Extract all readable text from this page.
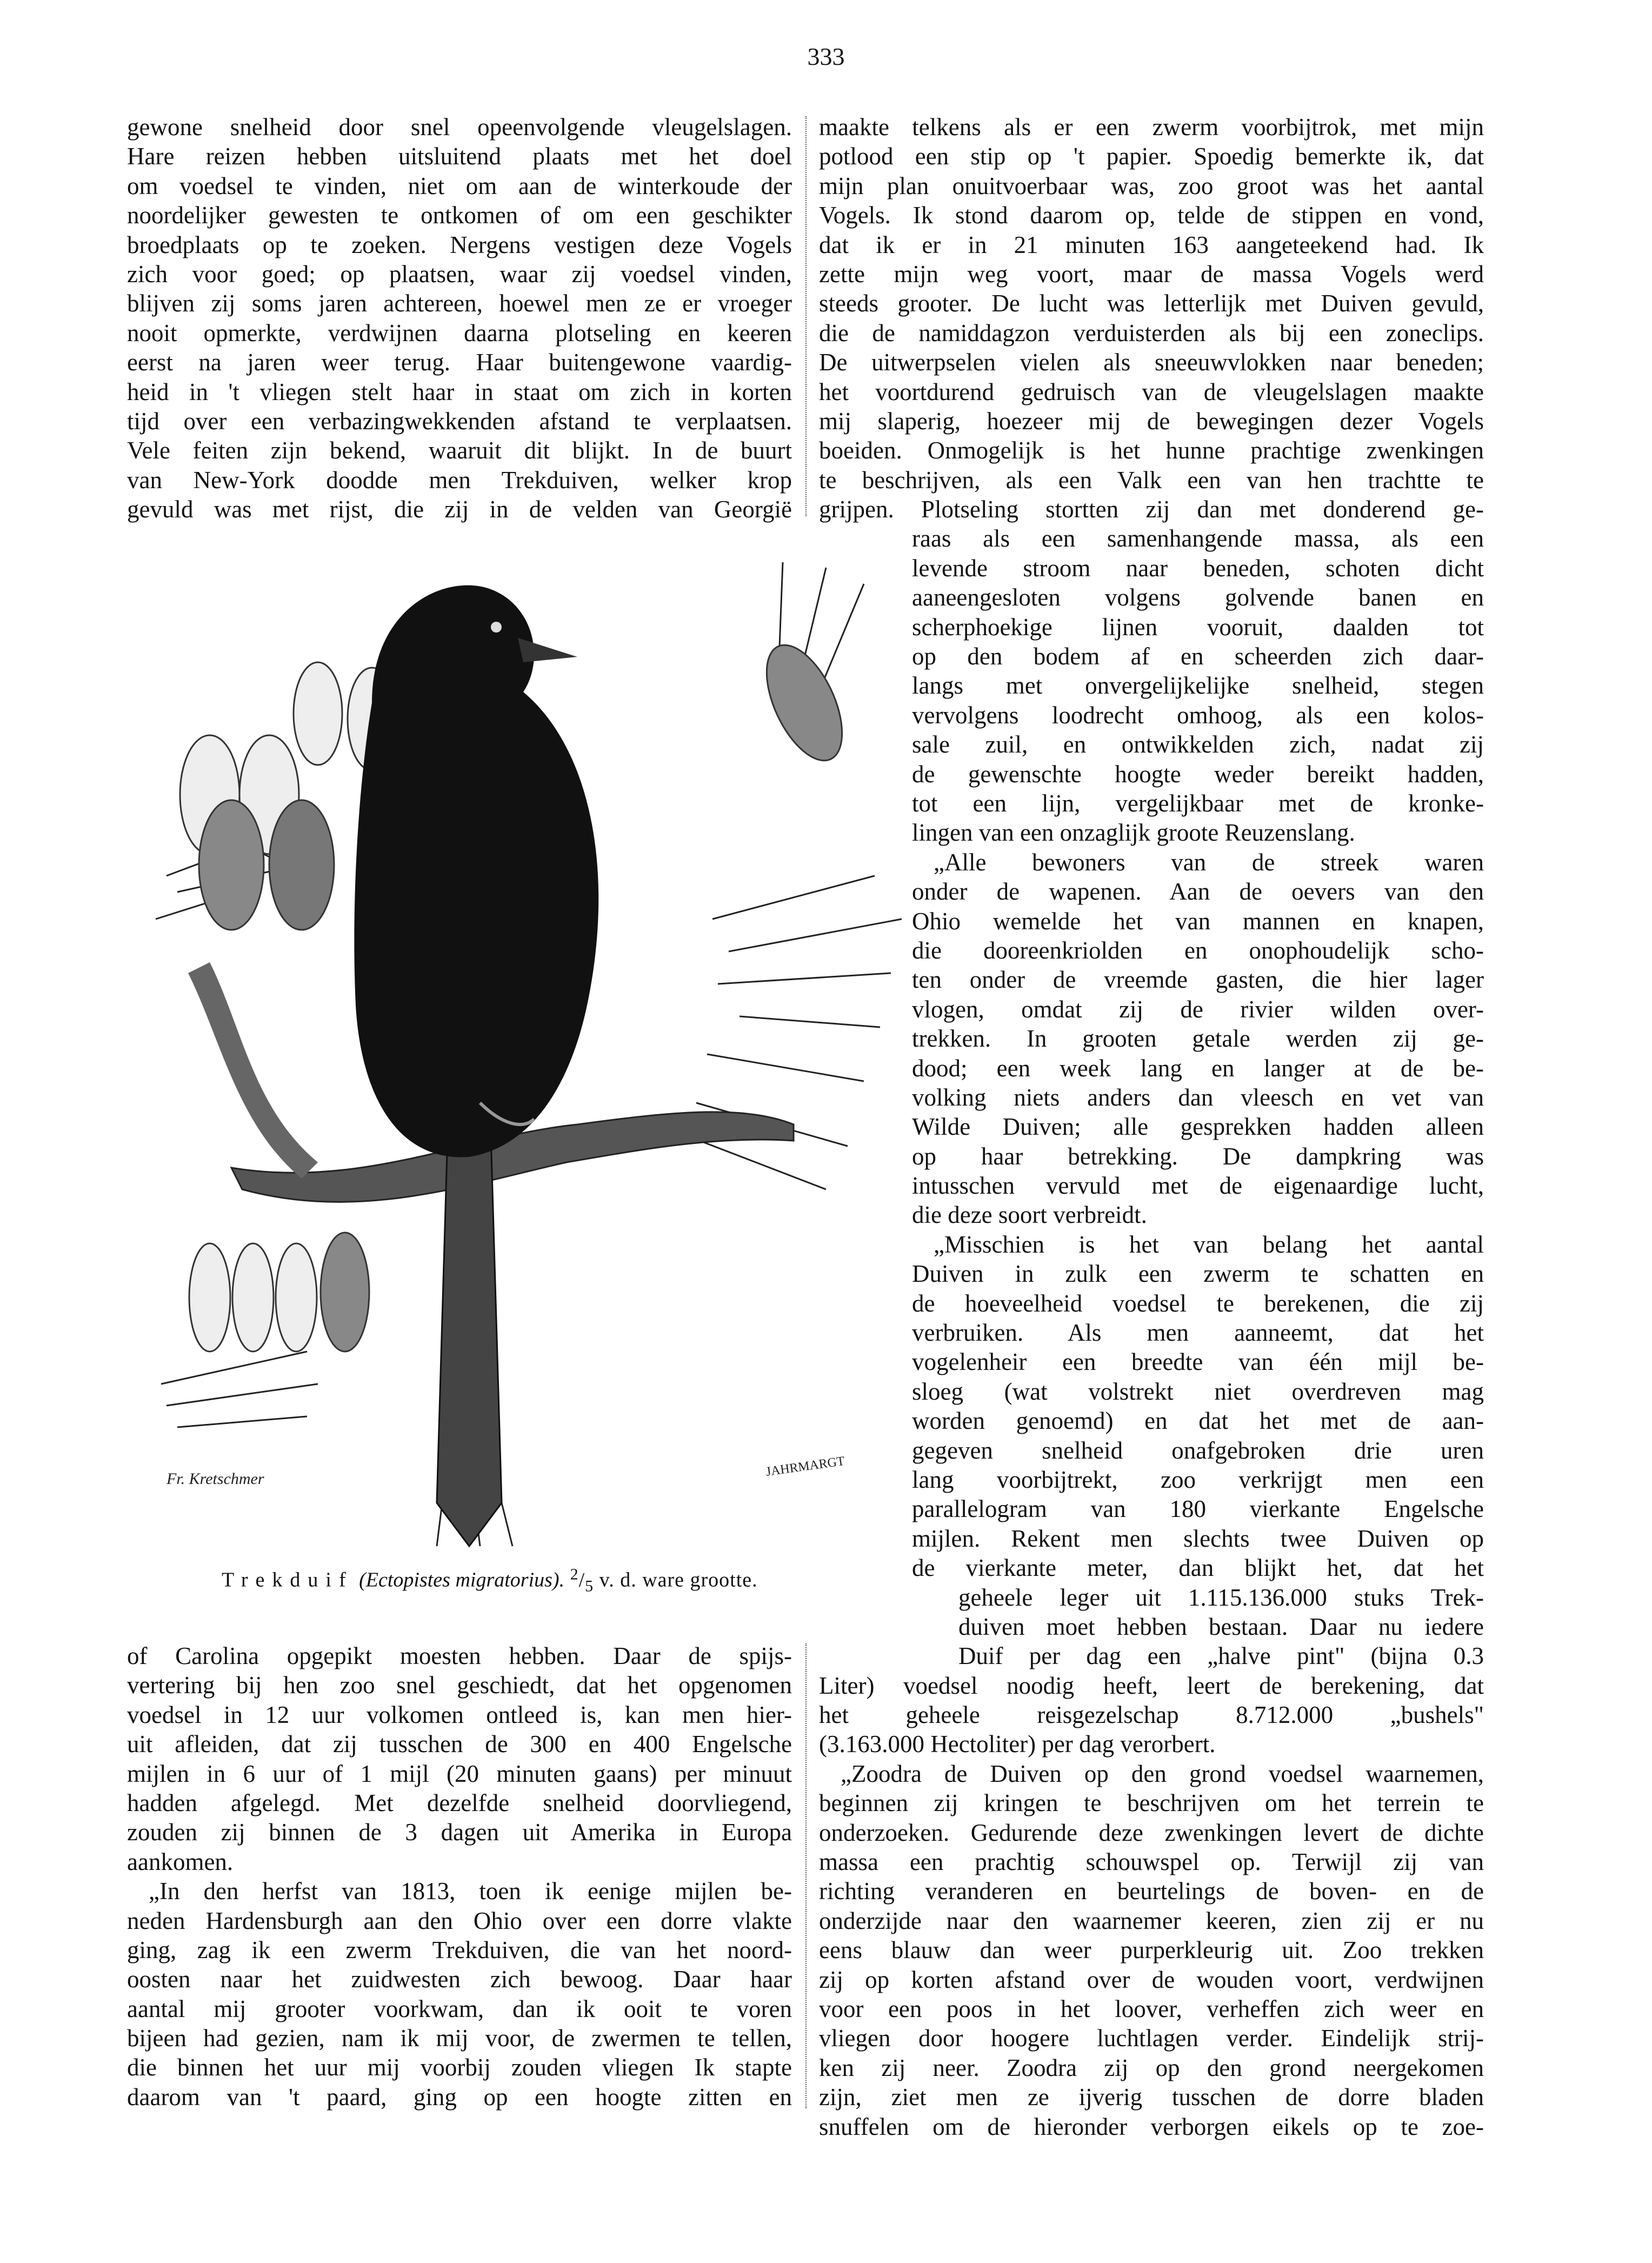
333
gewone snelheid door snel opeenvolgende vleugelslagen.
Hare reizen hebben uitsluitend plaats met het doel
om voedsel te vinden, niet om aan de winterkoude der
noordelijker gewesten te ontkomen of om een geschikter
broedplaats op te zoeken. Nergens vestigen deze Vogels
zich voor goed; op plaatsen, waar zij voedsel vinden,
blijven zij soms jaren achtereen, hoewel men ze er vroeger
nooit opmerkte, verdwijnen daarna plotseling en keeren
eerst na jaren weer terug. Haar buitengewone vaardig-
heid in 't vliegen stelt haar in staat om zich in korten
tijd over een verbazingwekkenden afstand te verplaatsen.
Vele feiten zijn bekend, waaruit dit blijkt. In de buurt
van New-York doodde men Trekduiven, welker krop
gevuld was met rijst, die zij in de velden van Georgië
of Carolina opgepikt moesten hebben. Daar de spijs-
vertering bij hen zoo snel geschiedt, dat het opgenomen
voedsel in 12 uur volkomen ontleed is, kan men hier-
uit afleiden, dat zij tusschen de 300 en 400 Engelsche
mijlen in 6 uur of 1 mijl (20 minuten gaans) per minuut
hadden afgelegd. Met dezelfde snelheid doorvliegend,
zouden zij binnen de 3 dagen uit Amerika in Europa
aankomen.
„In den herfst van 1813, toen ik eenige mijlen be-
neden Hardensburgh aan den Ohio over een dorre vlakte
ging, zag ik een zwerm Trekduiven, die van het noord-
oosten naar het zuidwesten zich bewoog. Daar haar
aantal mij grooter voorkwam, dan ik ooit te voren
bijeen had gezien, nam ik mij voor, de zwermen te tellen,
die binnen het uur mij voorbij zouden vliegen Ik stapte
daarom van 't paard, ging op een hoogte zitten en
maakte telkens als er een zwerm voorbijtrok, met mijn
potlood een stip op 't papier. Spoedig bemerkte ik, dat
mijn plan onuitvoerbaar was, zoo groot was het aantal
Vogels. Ik stond daarom op, telde de stippen en vond,
dat ik er in 21 minuten 163 aangeteekend had. Ik
zette mijn weg voort, maar de massa Vogels werd
steeds grooter. De lucht was letterlijk met Duiven gevuld,
die de namiddagzon verduisterden als bij een zoneclips.
De uitwerpselen vielen als sneeuwvlokken naar beneden;
het voortdurend gedruisch van de vleugelslagen maakte
mij slaperig, hoezeer mij de bewegingen dezer Vogels
boeiden. Onmogelijk is het hunne prachtige zwenkingen
te beschrijven, als een Valk een van hen trachtte te
grijpen. Plotseling stortten zij dan met donderend ge-
raas als een samenhangende massa, als een
levende stroom naar beneden, schoten dicht
aaneengesloten volgens golvende banen en
scherphoekige lijnen vooruit, daalden tot
op den bodem af en scheerden zich daar-
langs met onvergelijkelijke snelheid, stegen
vervolgens loodrecht omhoog, als een kolos-
sale zuil, en ontwikkelden zich, nadat zij
de gewenschte hoogte weder bereikt hadden,
tot een lijn, vergelijkbaar met de kronke-
lingen van een onzaglijk groote Reuzenslang.
„Alle bewoners van de streek waren
onder de wapenen. Aan de oevers van den
Ohio wemelde het van mannen en knapen,
die dooreenkriolden en onophoudelijk scho-
ten onder de vreemde gasten, die hier lager
vlogen, omdat zij de rivier wilden over-
trekken. In grooten getale werden zij ge-
dood; een week lang en langer at de be-
volking niets anders dan vleesch en vet van
Wilde Duiven; alle gesprekken hadden alleen
op haar betrekking. De dampkring was
intusschen vervuld met de eigenaardige lucht,
die deze soort verbreidt.
„Misschien is het van belang het aantal
Duiven in zulk een zwerm te schatten en
de hoeveelheid voedsel te berekenen, die zij
verbruiken. Als men aanneemt, dat het
vogelenheir een breedte van één mijl be-
sloeg (wat volstrekt niet overdreven mag
worden genoemd) en dat het met de aan-
gegeven snelheid onafgebroken drie uren
lang voorbijtrekt, zoo verkrijgt men een
parallelogram van 180 vierkante Engelsche
mijlen. Rekent men slechts twee Duiven op
de vierkante meter, dan blijkt het, dat het
geheele leger uit 1.115.136.000 stuks Trek-
duiven moet hebben bestaan. Daar nu iedere
Duif per dag een „halve pint" (bijna 0.3
Liter) voedsel noodig heeft, leert de berekening, dat
het geheele reisgezelschap 8.712.000 „bushels"
(3.163.000 Hectoliter) per dag verorbert.
„Zoodra de Duiven op den grond voedsel waarnemen,
beginnen zij kringen te beschrijven om het terrein te
onderzoeken. Gedurende deze zwenkingen levert de dichte
massa een prachtig schouwspel op. Terwijl zij van
richting veranderen en beurtelings de boven- en de
onderzijde naar den waarnemer keeren, zien zij er nu
eens blauw dan weer purperkleurig uit. Zoo trekken
zij op korten afstand over de wouden voort, verdwijnen
voor een poos in het loover, verheffen zich weer en
vliegen door hoogere luchtlagen verder. Eindelijk strij-
ken zij neer. Zoodra zij op den grond neergekomen
zijn, ziet men ze ijverig tusschen de dorre bladen
snuffelen om de hieronder verborgen eikels op te zoe-
Fr. Kretschmer	JAHRMARGT
Trekduif (Ectopistes migratorius). $^2/_5$ v. d. ware grootte.
